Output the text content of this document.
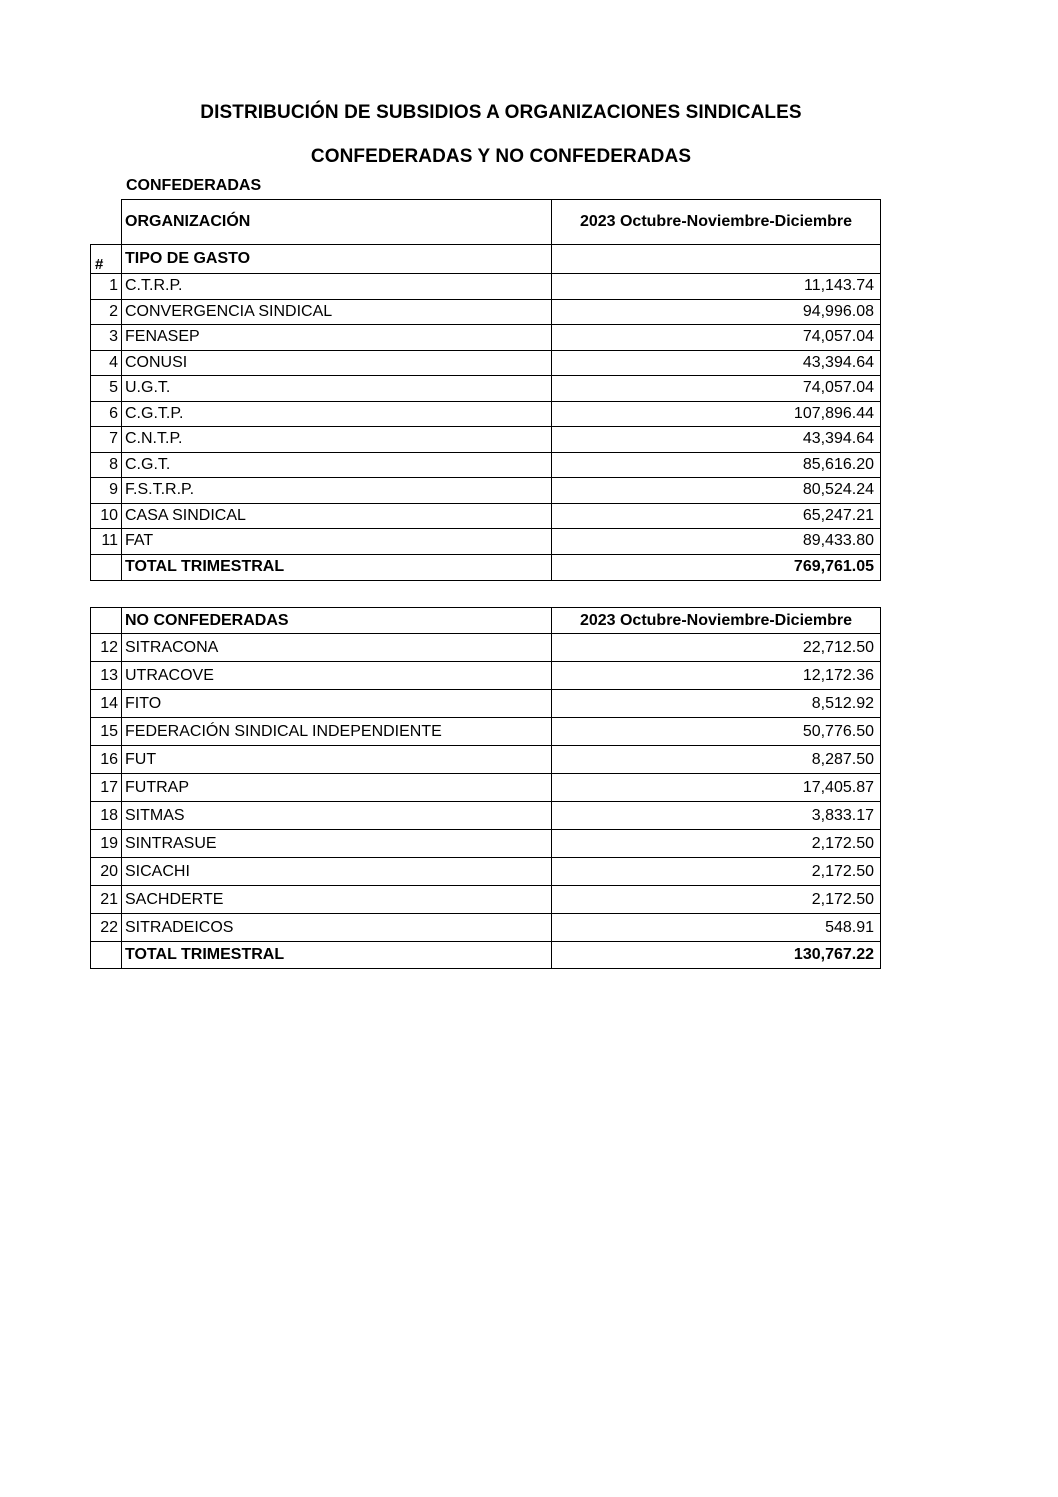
DISTRIBUCIÓN DE SUBSIDIOS A ORGANIZACIONES SINDICALES
CONFEDERADAS Y NO CONFEDERADAS
CONFEDERADAS
	ORGANIZACIÓN	2023 Octubre-Noviembre-Diciembre
#	TIPO DE GASTO	
1	C.T.R.P.	11,143.74
2	CONVERGENCIA SINDICAL	94,996.08
3	FENASEP	74,057.04
4	CONUSI	43,394.64
5	U.G.T.	74,057.04
6	C.G.T.P.	107,896.44
7	C.N.T.P.	43,394.64
8	C.G.T.	85,616.20
9	F.S.T.R.P.	80,524.24
10	CASA SINDICAL	65,247.21
11	FAT	89,433.80
	TOTAL TRIMESTRAL	769,761.05
	NO CONFEDERADAS	2023 Octubre-Noviembre-Diciembre
12	SITRACONA	22,712.50
13	UTRACOVE	12,172.36
14	FITO	8,512.92
15	FEDERACIÓN SINDICAL INDEPENDIENTE	50,776.50
16	FUT	8,287.50
17	FUTRAP	17,405.87
18	SITMAS	3,833.17
19	SINTRASUE	2,172.50
20	SICACHI	2,172.50
21	SACHDERTE	2,172.50
22	SITRADEICOS	548.91
	TOTAL TRIMESTRAL	130,767.22
